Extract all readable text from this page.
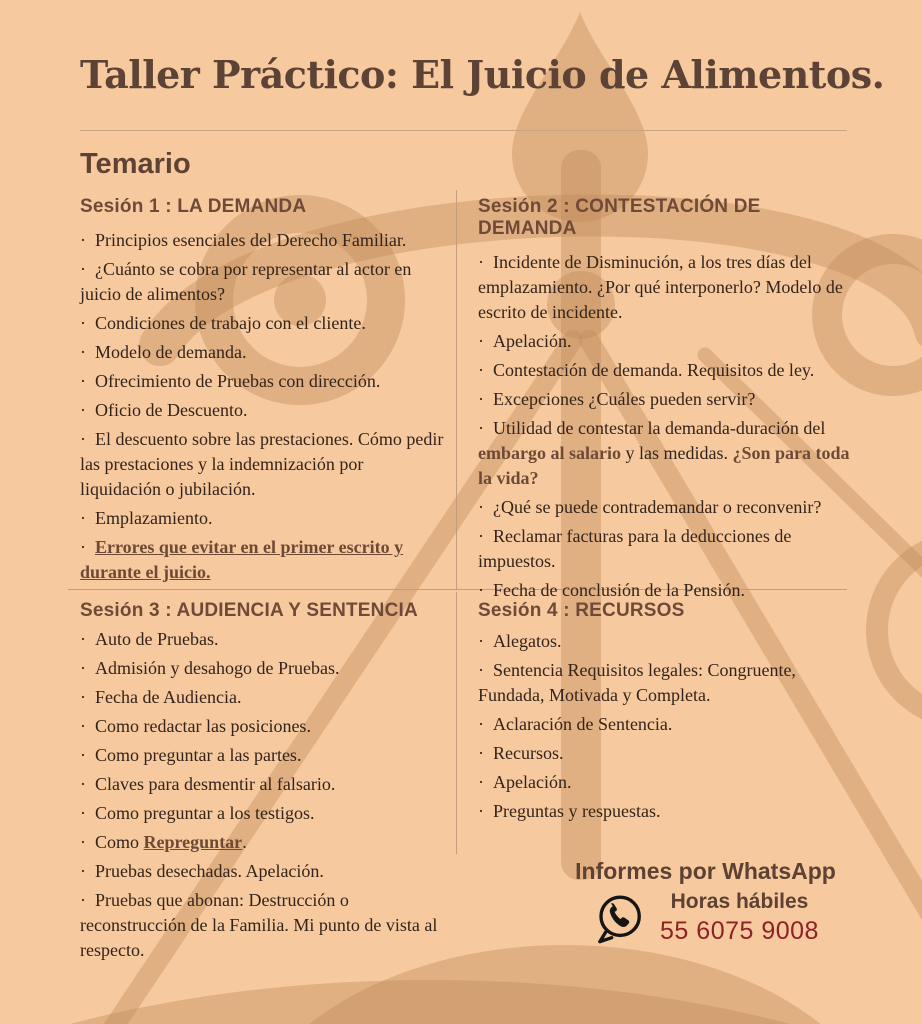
Taller Práctico: El Juicio de Alimentos.
Temario
Sesión 1 : LA DEMANDA
·  Principios esenciales del Derecho Familiar.
·  ¿Cuánto se cobra por representar al actor en juicio de alimentos?
·  Condiciones de trabajo con el cliente.
·  Modelo de demanda.
·  Ofrecimiento de Pruebas con dirección.
·  Oficio de Descuento.
·  El descuento sobre las prestaciones. Cómo pedir las prestaciones y la indemnización por liquidación o jubilación.
·  Emplazamiento.
·  Errores que evitar en el primer escrito y durante el juicio.
Sesión 2 : CONTESTACIÓN DE DEMANDA
·  Incidente de Disminución, a los tres días del emplazamiento. ¿Por qué interponerlo? Modelo de escrito de incidente.
·  Apelación.
·  Contestación de demanda. Requisitos de ley.
·  Excepciones ¿Cuáles pueden servir?
·  Utilidad de contestar la demanda-duración del embargo al salario y las medidas. ¿Son para toda la vida?
·  ¿Qué se puede contrademandar o reconvenir?
·  Reclamar facturas para la deducciones de impuestos.
·  Fecha de conclusión de la Pensión.
Sesión 3 : AUDIENCIA Y SENTENCIA
·  Auto de Pruebas.
·  Admisión y desahogo de Pruebas.
·  Fecha de Audiencia.
·  Como redactar las posiciones.
·  Como preguntar a las partes.
·  Claves para desmentir al falsario.
·  Como preguntar a los testigos.
·  Como Repreguntar.
·  Pruebas desechadas. Apelación.
·  Pruebas que abonan: Destrucción o reconstrucción de la Familia. Mi punto de vista al respecto.
Sesión 4 : RECURSOS
·  Alegatos.
·  Sentencia Requisitos legales: Congruente, Fundada, Motivada y Completa.
·  Aclaración de Sentencia.
·  Recursos.
·  Apelación.
·  Preguntas y respuestas.

Informes por WhatsApp

Horas hábiles
55 6075 9008
